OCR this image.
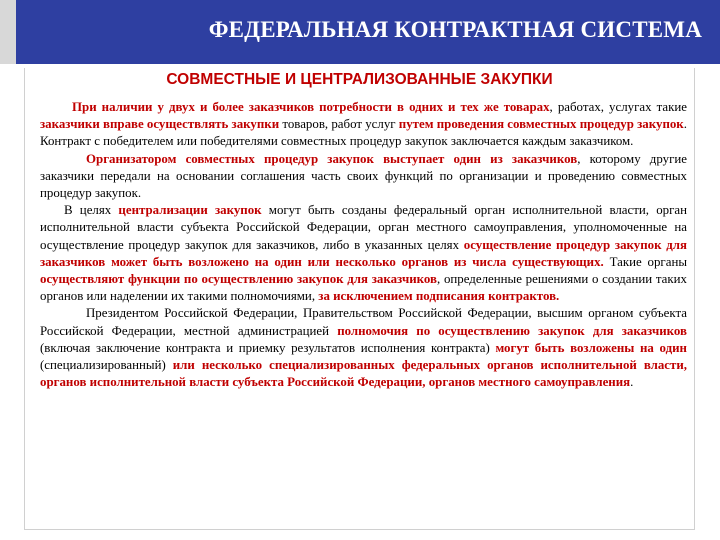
ФЕДЕРАЛЬНАЯ КОНТРАКТНАЯ СИСТЕМА
СОВМЕСТНЫЕ И ЦЕНТРАЛИЗОВАННЫЕ ЗАКУПКИ

При наличии у двух и более заказчиков потребности в одних и тех же товарах, работах, услугах такие заказчики вправе осуществлять закупки товаров, работ услуг путем проведения совместных процедур закупок. Контракт с победителем или победителями совместных процедур закупок заключается каждым заказчиком.

Организатором совместных процедур закупок выступает один из заказчиков, которому другие заказчики передали на основании соглашения часть своих функций по организации и проведению совместных процедур закупок.

В целях централизации закупок могут быть созданы федеральный орган исполнительной власти, орган исполнительной власти субъекта Российской Федерации, орган местного самоуправления, уполномоченные на осуществление процедур закупок для заказчиков, либо в указанных целях осуществление процедур закупок для заказчиков может быть возложено на один или несколько органов из числа существующих. Такие органы осуществляют функции по осуществлению закупок для заказчиков, определенные решениями о создании таких органов или наделении их такими полномочиями, за исключением подписания контрактов.

Президентом Российской Федерации, Правительством Российской Федерации, высшим органом субъекта Российской Федерации, местной администрацией полномочия по осуществлению закупок для заказчиков (включая заключение контракта и приемку результатов исполнения контракта) могут быть возложены на один (специализированный) или несколько специализированных федеральных органов исполнительной власти, органов исполнительной власти субъекта Российской Федерации, органов местного самоуправления.
